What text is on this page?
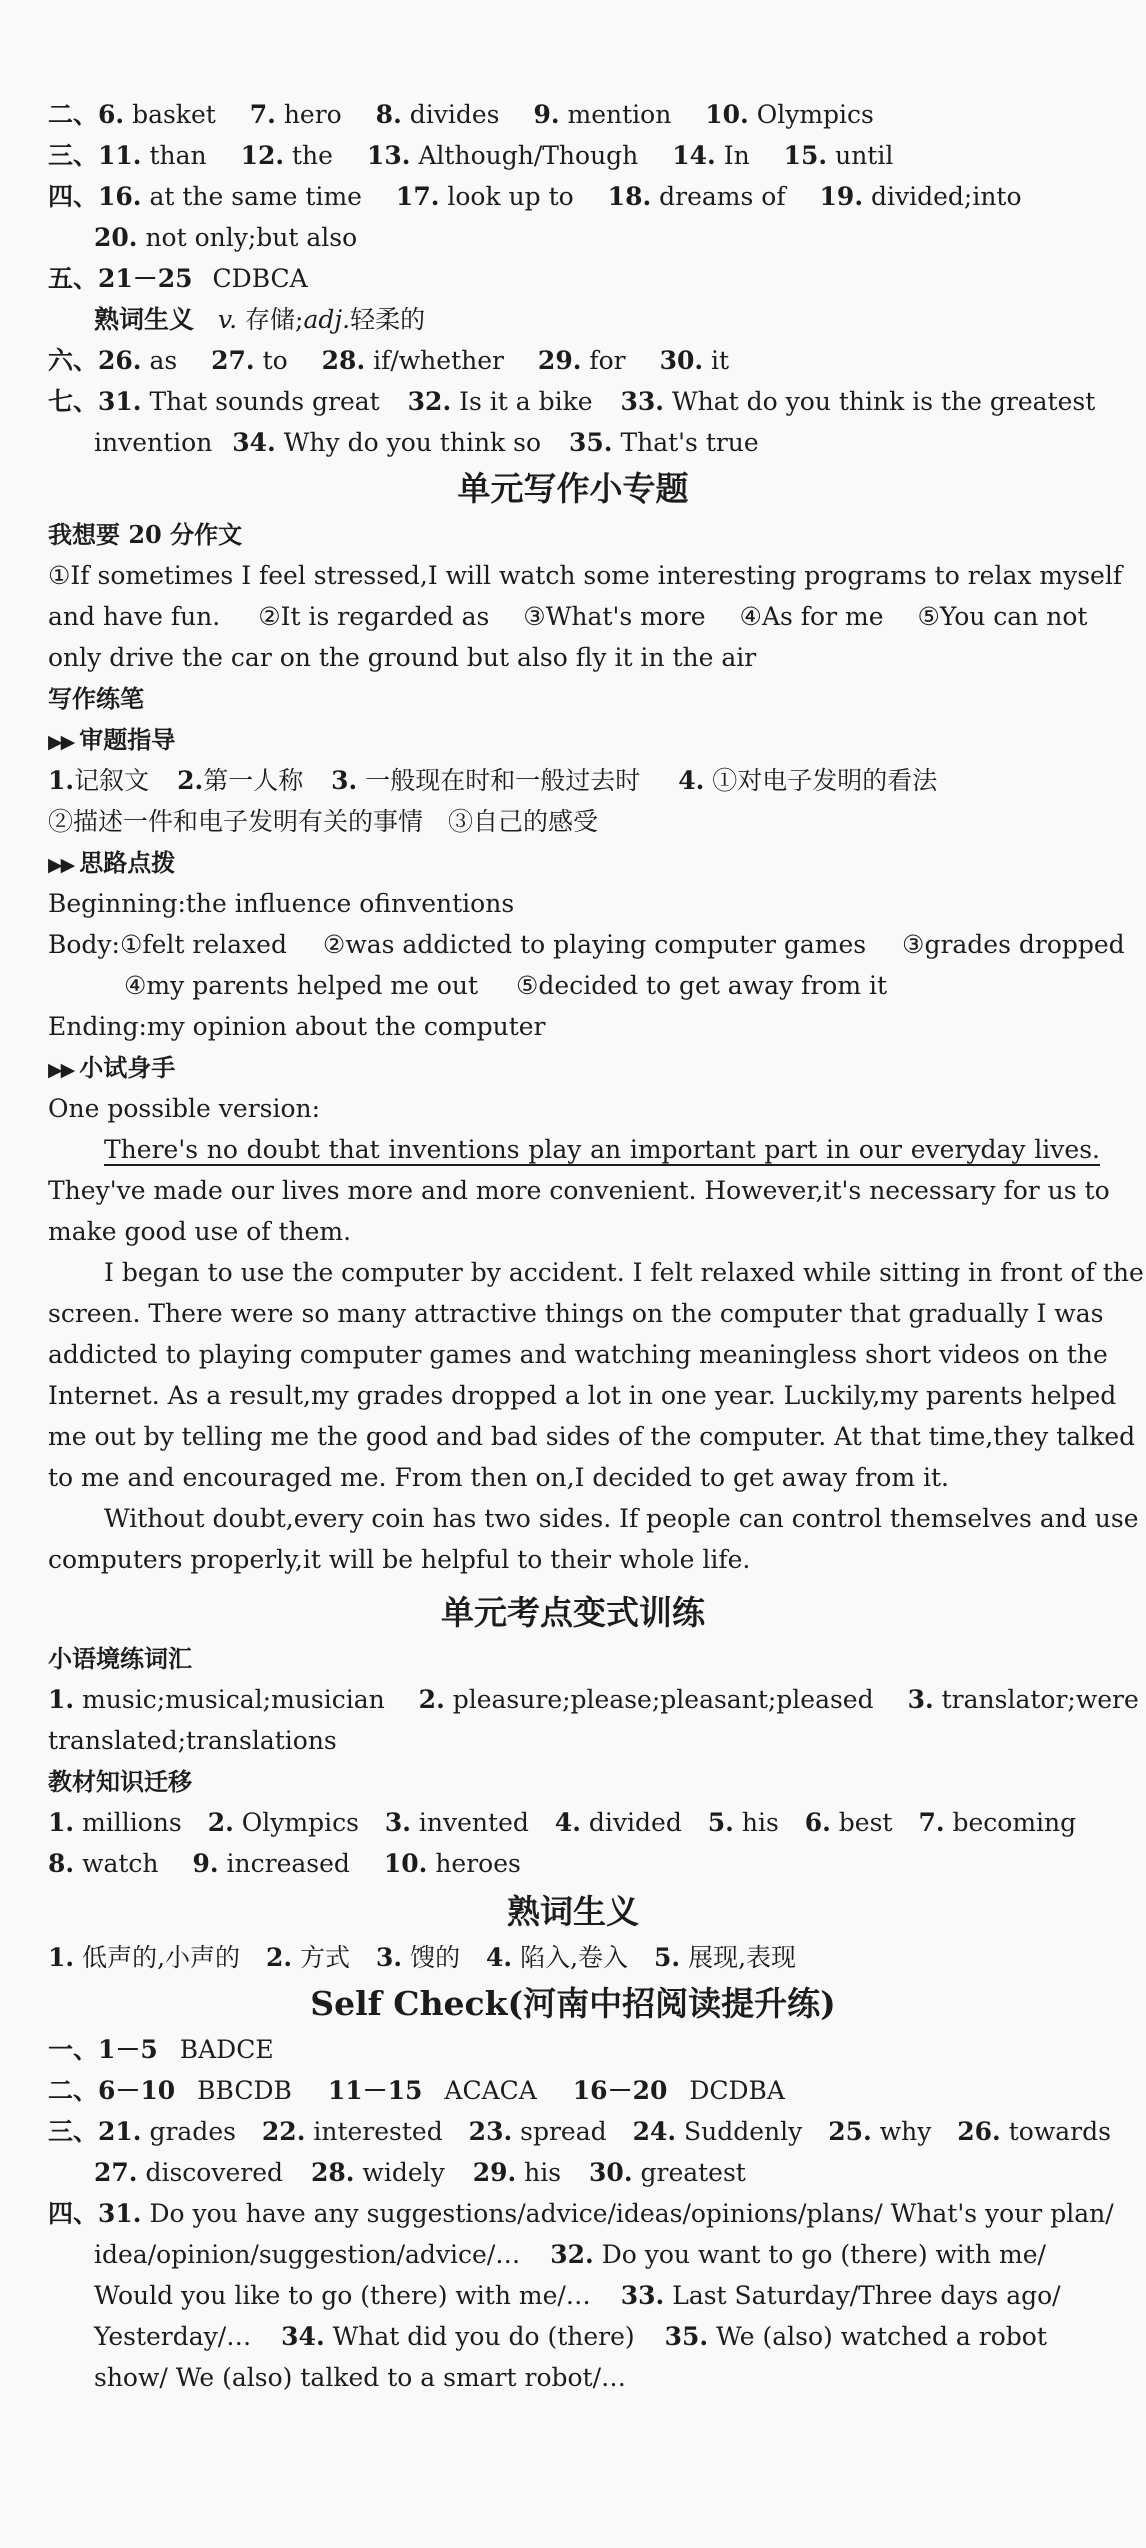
二、6. basket 7. hero 8. divides 9. mention 10. Olympics
三、11. than 12. the 13. Although/Though 14. In 15. until
四、16. at the same time 17. look up to 18. dreams of 19. divided;into
20. not only;but also
五、21－25 CDBCA
熟词生义 v. 存储;adj.轻柔的
六、26. as 27. to 28. if/whether 29. for 30. it
七、31. That sounds great 32. Is it a bike 33. What do you think is the greatest
invention 34. Why do you think so 35. That's true
单元写作小专题
我想要 20 分作文
①If sometimes I feel stressed,I will watch some interesting programs to relax myself
and have fun. ②It is regarded as ③What's more ④As for me ⑤You can not
only drive the car on the ground but also fly it in the air
写作练笔
▶▶ 审题指导
1.记叙文 2.第一人称 3. 一般现在时和一般过去时 4. ①对电子发明的看法
②描述一件和电子发明有关的事情　③自己的感受
▶▶ 思路点拨
Beginning:the influence ofinventions
Body:①felt relaxed ②was addicted to playing computer games ③grades dropped
④my parents helped me out ⑤decided to get away from it
Ending:my opinion about the computer
▶▶ 小试身手
One possible version:
There's no doubt that inventions play an important part in our everyday lives.
They've made our lives more and more convenient. However,it's necessary for us to
make good use of them.
I began to use the computer by accident. I felt relaxed while sitting in front of the
screen. There were so many attractive things on the computer that gradually I was
addicted to playing computer games and watching meaningless short videos on the
Internet. As a result,my grades dropped a lot in one year. Luckily,my parents helped
me out by telling me the good and bad sides of the computer. At that time,they talked
to me and encouraged me. From then on,I decided to get away from it.
Without doubt,every coin has two sides. If people can control themselves and use
computers properly,it will be helpful to their whole life.
单元考点变式训练
小语境练词汇
1. music;musical;musician 2. pleasure;please;pleasant;pleased 3. translator;were
translated;translations
教材知识迁移
1. millions 2. Olympics 3. invented 4. divided 5. his 6. best 7. becoming
8. watch 9. increased 10. heroes
熟词生义
1. 低声的,小声的 2. 方式 3. 馊的 4. 陷入,卷入 5. 展现,表现
Self Check(河南中招阅读提升练)
一、1－5 BADCE
二、6－10 BBCDB 11－15 ACACA 16－20 DCDBA
三、21. grades 22. interested 23. spread 24. Suddenly 25. why 26. towards
27. discovered 28. widely 29. his 30. greatest
四、31. Do you have any suggestions/advice/ideas/opinions/plans/ What's your plan/
idea/opinion/suggestion/advice/… 32. Do you want to go (there) with me/
Would you like to go (there) with me/… 33. Last Saturday/Three days ago/
Yesterday/… 34. What did you do (there) 35. We (also) watched a robot
show/ We (also) talked to a smart robot/…
